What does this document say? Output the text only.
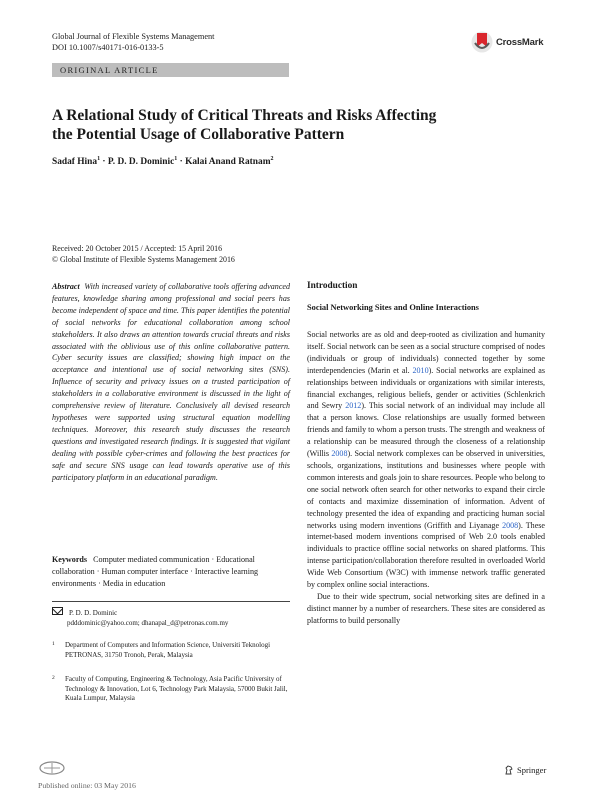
Global Journal of Flexible Systems Management
DOI 10.1007/s40171-016-0133-5	CrossMark
ORIGINAL ARTICLE
A Relational Study of Critical Threats and Risks Affecting
the Potential Usage of Collaborative Pattern
Sadaf Hina$^1$ · P. D. D. Dominic$^1$ · Kalai Anand Ratnam$^2$
Received: 20 October 2015 / Accepted: 15 April 2016
© Global Institute of Flexible Systems Management 2016

Abstract With increased variety of collaborative tools offering advanced features, knowledge sharing among professional and social peers has become independent of space and time. This paper identifies the potential of social networks for educational collaboration among school stakeholders. It also draws an attention towards crucial threats and risks associated with the oblivious use of this online collaborative pattern. Cyber security issues are classified; showing high impact on the acceptance and intentional use of social networking sites (SNS). Influence of security and privacy issues on a trusted participation of stakeholders in a collaborative environment is discussed in the light of comprehensive review of literature. Conclusively all devised research hypotheses were supported using structural equation modelling techniques. Moreover, this research study discusses the research questions and investigated research findings. It is suggested that vigilant dealing with possible cyber-crimes and following the best practices for safe and secure SNS usage can lead towards operative use of this participatory platform in an educational paradigm.

Keywords Computer mediated communication · Educational collaboration · Human computer interface · Interactive learning environments · Media in education
P. D. D. Dominic
pdddominic@yahoo.com; dhanapal_d@petronas.com.my
1 Department of Computers and Information Science, Universiti Teknologi PETRONAS, 31750 Tronoh, Perak, Malaysia
2 Faculty of Computing, Engineering & Technology, Asia Pacific University of Technology & Innovation, Lot 6, Technology Park Malaysia, 57000 Bukit Jalil, Kuala Lumpur, Malaysia

Introduction

Social Networking Sites and Online Interactions

Social networks are as old and deep-rooted as civilization and humanity itself. Social network can be seen as a social structure comprised of nodes (individuals or group of individuals) connected together by some interdependencies (Marin et al. 2010). Social networks are explained as relationships between individuals or organizations with similar interests, financial exchanges, religious beliefs, gender or activities (Schlenkrich and Sewry 2012). This social network of an individual may include all that a person knows. Close relationships are usually formed between friends and family to whom a person trusts. The strength and weakness of a relationship can be measured through the closeness of a relationship (Willis 2008). Social network complexes can be observed in universities, schools, organizations, institutions and businesses where people with common interests and goals join to share resources. People who belong to one social network often search for other networks to expand their circle of contacts and maximize dissemination of information. Advent of technology presented the idea of expanding and practicing human social networks using modern inventions (Griffith and Liyanage 2008). These internet-based modern inventions comprised of Web 2.0 tools enabled individuals to practice offline social networks on shared platforms. This intense participation/collaboration therefore resulted in overloaded World Wide Web Consortium (W3C) with immense network traffic generated by complex online social interactions.

Due to their wide spectrum, social networking sites are defined in a distinct manner by a number of researchers. These sites are considered as platforms to build personally

Springer
Published online: 03 May 2016
